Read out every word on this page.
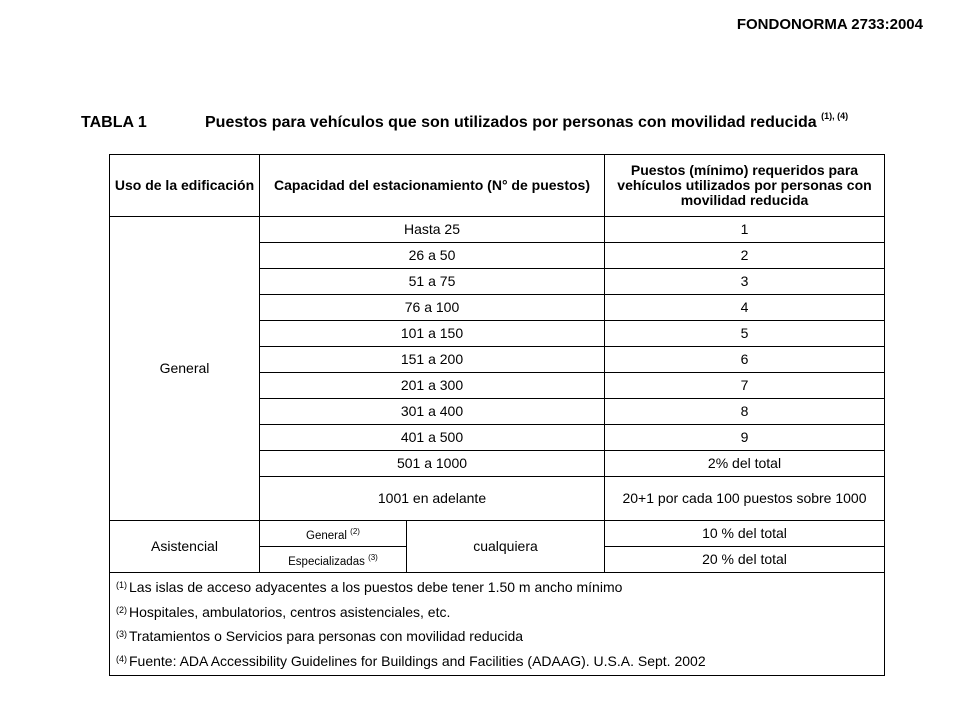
FONDONORMA 2733:2004
TABLA 1	Puestos para vehículos que son utilizados por personas con movilidad reducida $^{(1), (4)}$
Uso de la edificación	Capacidad del estacionamiento (N° de puestos)		Puestos (mínimo) requeridos para vehículos utilizados por personas con movilidad reducida
General	Hasta 25		1
	26 a 50		2
	51 a 75		3
	76 a 100		4
	101 a 150		5
	151 a 200		6
	201 a 300		7
	301 a 400		8
	401 a 500		9
	501 a 1000		2% del total
	1001 en adelante		20+1 por cada 100 puestos sobre 1000
Asistencial	General $^{(2)}$	cualquiera	10 % del total
	Especializadas $^{(3)}$		20 % del total

$^{(1)}$ Las islas de acceso adyacentes a los puestos debe tener 1.50 m ancho mínimo
$^{(2)}$ Hospitales, ambulatorios, centros asistenciales, etc.
$^{(3)}$ Tratamientos o Servicios para personas con movilidad reducida
$^{(4)}$ Fuente: ADA Accessibility Guidelines for Buildings and Facilities (ADAAG). U.S.A. Sept. 2002			
